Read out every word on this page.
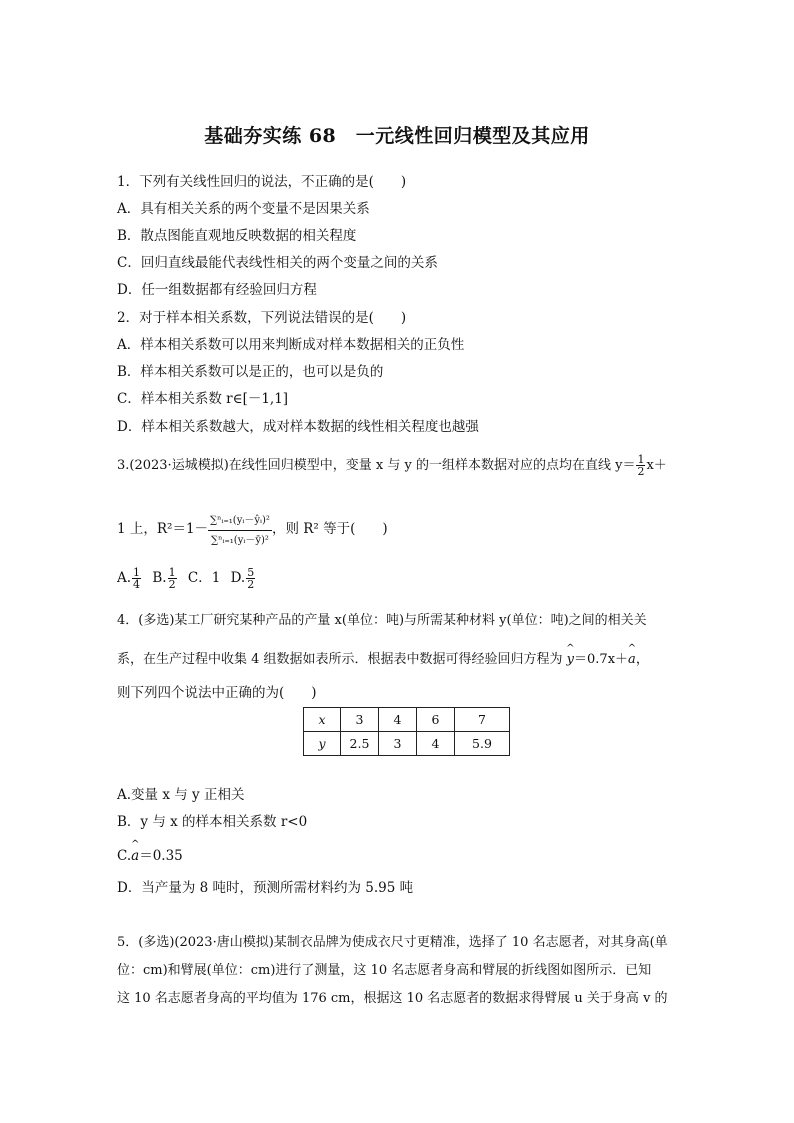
基础夯实练 68　一元线性回归模型及其应用
1．下列有关线性回归的说法，不正确的是(　　)
A．具有相关关系的两个变量不是因果关系
B．散点图能直观地反映数据的相关程度
C．回归直线最能代表线性相关的两个变量之间的关系
D．任一组数据都有经验回归方程
2．对于样本相关系数，下列说法错误的是(　　)
A．样本相关系数可以用来判断成对样本数据相关的正负性
B．样本相关系数可以是正的，也可以是负的
C．样本相关系数 r∈[－1,1]
D．样本相关系数越大，成对样本数据的线性相关程度也越强
3.(2023·运城模拟)在线性回归模型中，变量 x 与 y 的一组样本数据对应的点均在直线 $y= \frac{1}{2} x+$
1 上，$R^2=1- \frac{\text{∑ⁿᵢ₌₁(yᵢ－ŷᵢ)²}}{\text{∑ⁿᵢ₌₁(yᵢ－ȳ)²}}$ ，则 R² 等于(　　)
A. $\frac{1}{4} B$. $\frac{1}{2}$ C．1 D. $\frac{5}{2}$
4．(多选)某工厂研究某种产品的产量 x(单位：吨)与所需某种材料 y(单位：吨)之间的相关关
系，在生产过程中收集 4 组数据如表所示．根据表中数据可得经验回归方程为 ^ y＝0.7x＋^ a，
则下列四个说法中正确的为(　　)
x	3	4	6	7
y	2.5	3	4	5.9
A.变量 x 与 y 正相关
B．y 与 x 的样本相关系数 r<0
C.^ a＝0.35
D．当产量为 8 吨时，预测所需材料约为 5.95 吨
5．(多选)(2023·唐山模拟)某制衣品牌为使成衣尺寸更精准，选择了 10 名志愿者，对其身高(单
位：cm)和臂展(单位：cm)进行了测量，这 10 名志愿者身高和臂展的折线图如图所示．已知
这 10 名志愿者身高的平均值为 176 cm，根据这 10 名志愿者的数据求得臂展 u 关于身高 v 的
